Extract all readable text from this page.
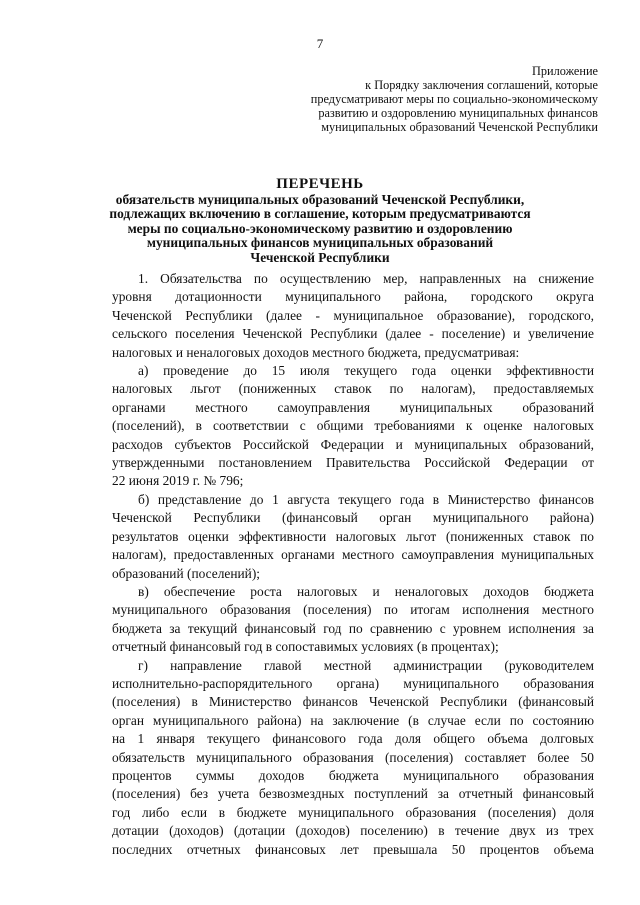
7
Приложение
к Порядку заключения соглашений, которые
предусматривают меры по социально-экономическому
развитию и оздоровлению муниципальных финансов
муниципальных образований Чеченской Республики
ПЕРЕЧЕНЬ
обязательств муниципальных образований Чеченской Республики,
подлежащих включению в соглашение, которым предусматриваются
меры по социально-экономическому развитию и оздоровлению
муниципальных финансов муниципальных образований
Чеченской Республики
1. Обязательства по осуществлению мер, направленных на снижение
уровня дотационности муниципального района, городского округа
Чеченской Республики (далее - муниципальное образование), городского,
сельского поселения Чеченской Республики (далее - поселение) и увеличение
налоговых и неналоговых доходов местного бюджета, предусматривая:
а) проведение до 15 июля текущего года оценки эффективности
налоговых льгот (пониженных ставок по налогам), предоставляемых
органами местного самоуправления муниципальных образований
(поселений), в соответствии с общими требованиями к оценке налоговых
расходов субъектов Российской Федерации и муниципальных образований,
утвержденными постановлением Правительства Российской Федерации от
22 июня 2019 г. № 796;
б) представление до 1 августа текущего года в Министерство финансов
Чеченской Республики (финансовый орган муниципального района)
результатов оценки эффективности налоговых льгот (пониженных ставок по
налогам), предоставленных органами местного самоуправления муниципальных
образований (поселений);
в) обеспечение роста налоговых и неналоговых доходов бюджета
муниципального образования (поселения) по итогам исполнения местного
бюджета за текущий финансовый год по сравнению с уровнем исполнения за
отчетный финансовый год в сопоставимых условиях (в процентах);
г) направление главой местной администрации (руководителем
исполнительно-распорядительного органа) муниципального образования
(поселения) в Министерство финансов Чеченской Республики (финансовый
орган муниципального района) на заключение (в случае если по состоянию
на 1 января текущего финансового года доля общего объема долговых
обязательств муниципального образования (поселения) составляет более 50
процентов суммы доходов бюджета муниципального образования
(поселения) без учета безвозмездных поступлений за отчетный финансовый
год либо если в бюджете муниципального образования (поселения) доля
дотации (доходов) (дотации (доходов) поселению) в течение двух из трех
последних отчетных финансовых лет превышала 50 процентов объема
